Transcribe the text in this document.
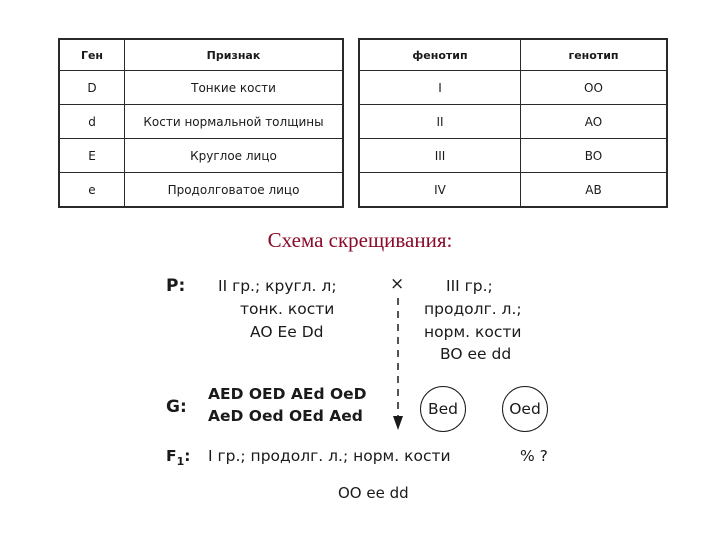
Ген	Признак
D	Тонкие кости
d	Кости нормальной толщины
E	Круглое лицо
e	Продолговатое лицо
фенотип	генотип
I	OO
II	AO
III	BO
IV	AB
Схема скрещивания:
P: II гр.; кругл. л;
тонк. кости
AO Ee Dd
×	III гр.;
продолг. л.;
норм. кости
BO ee dd
G:
AED OED AEd OeD
AeD Oed OEd Aed	Bed	Oed
$F_1$: I гр.; продолг. л.; норм. кости	% ?
OO ee dd
